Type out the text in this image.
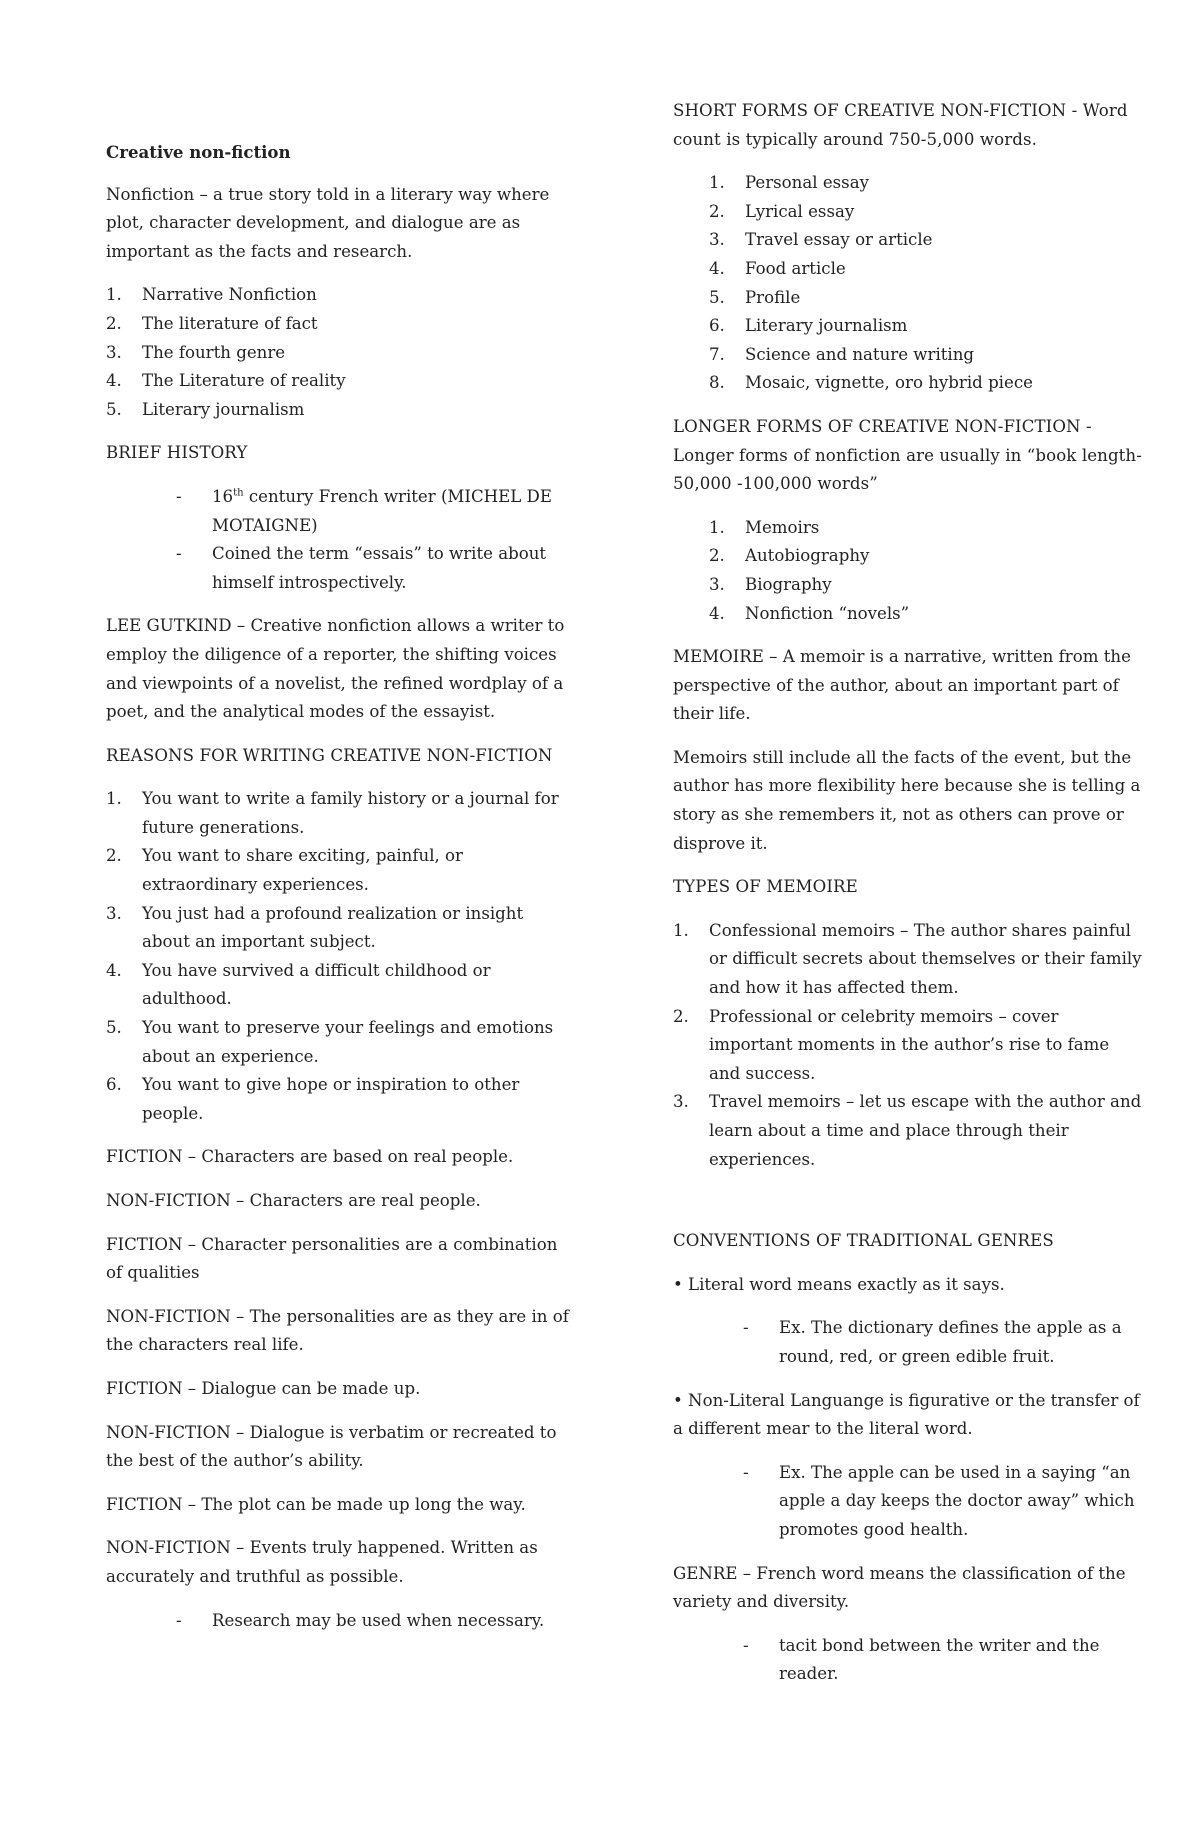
Creative non-fiction

Nonfiction – a true story told in a literary way where plot, character development, and dialogue are as important as the facts and research.

1.	Narrative Nonfiction
2.	The literature of fact
3.	The fourth genre
4.	The Literature of reality
5.	Literary journalism

BRIEF HISTORY

- 16th century French writer (MICHEL DE MOTAIGNE)
- Coined the term “essais” to write about himself introspectively.

LEE GUTKIND – Creative nonfiction allows a writer to employ the diligence of a reporter, the shifting voices and viewpoints of a novelist, the refined wordplay of a poet, and the analytical modes of the essayist.

REASONS FOR WRITING CREATIVE NON-FICTION

1.	You want to write a family history or a journal for future generations.
2.	You want to share exciting, painful, or extraordinary experiences.
3.	You just had a profound realization or insight about an important subject.
4.	You have survived a difficult childhood or adulthood.
5.	You want to preserve your feelings and emotions about an experience.
6.	You want to give hope or inspiration to other people.

FICTION – Characters are based on real people.

NON-FICTION – Characters are real people.

FICTION – Character personalities are a combination of qualities

NON-FICTION – The personalities are as they are in of the characters real life.

FICTION – Dialogue can be made up.

NON-FICTION – Dialogue is verbatim or recreated to the best of the author’s ability.

FICTION – The plot can be made up long the way.

NON-FICTION – Events truly happened. Written as accurately and truthful as possible.

- Research may be used when necessary.

SHORT FORMS OF CREATIVE NON-FICTION - Word count is typically around 750-5,000 words.

1.	Personal essay
2.	Lyrical essay
3.	Travel essay or article
4.	Food article
5.	Profile
6.	Literary journalism
7.	Science and nature writing
8.	Mosaic, vignette, oro hybrid piece

LONGER FORMS OF CREATIVE NON-FICTION - Longer forms of nonfiction are usually in “book length- 50,000 -100,000 words”

1.	Memoirs
2.	Autobiography
3.	Biography
4.	Nonfiction “novels”

MEMOIRE – A memoir is a narrative, written from the perspective of the author, about an important part of their life.

Memoirs still include all the facts of the event, but the author has more flexibility here because she is telling a story as she remembers it, not as others can prove or disprove it.

TYPES OF MEMOIRE

1.	Confessional memoirs – The author shares painful or difficult secrets about themselves or their family and how it has affected them.
2.	Professional or celebrity memoirs – cover important moments in the author’s rise to fame and success.
3.	Travel memoirs – let us escape with the author and learn about a time and place through their experiences.

CONVENTIONS OF TRADITIONAL GENRES

• Literal word means exactly as it says.

- Ex. The dictionary defines the apple as a round, red, or green edible fruit.

• Non-Literal Languange is figurative or the transfer of a different mear to the literal word.

- Ex. The apple can be used in a saying “an apple a day keeps the doctor away” which promotes good health.

GENRE – French word means the classification of the variety and diversity.

- tacit bond between the writer and the reader.
